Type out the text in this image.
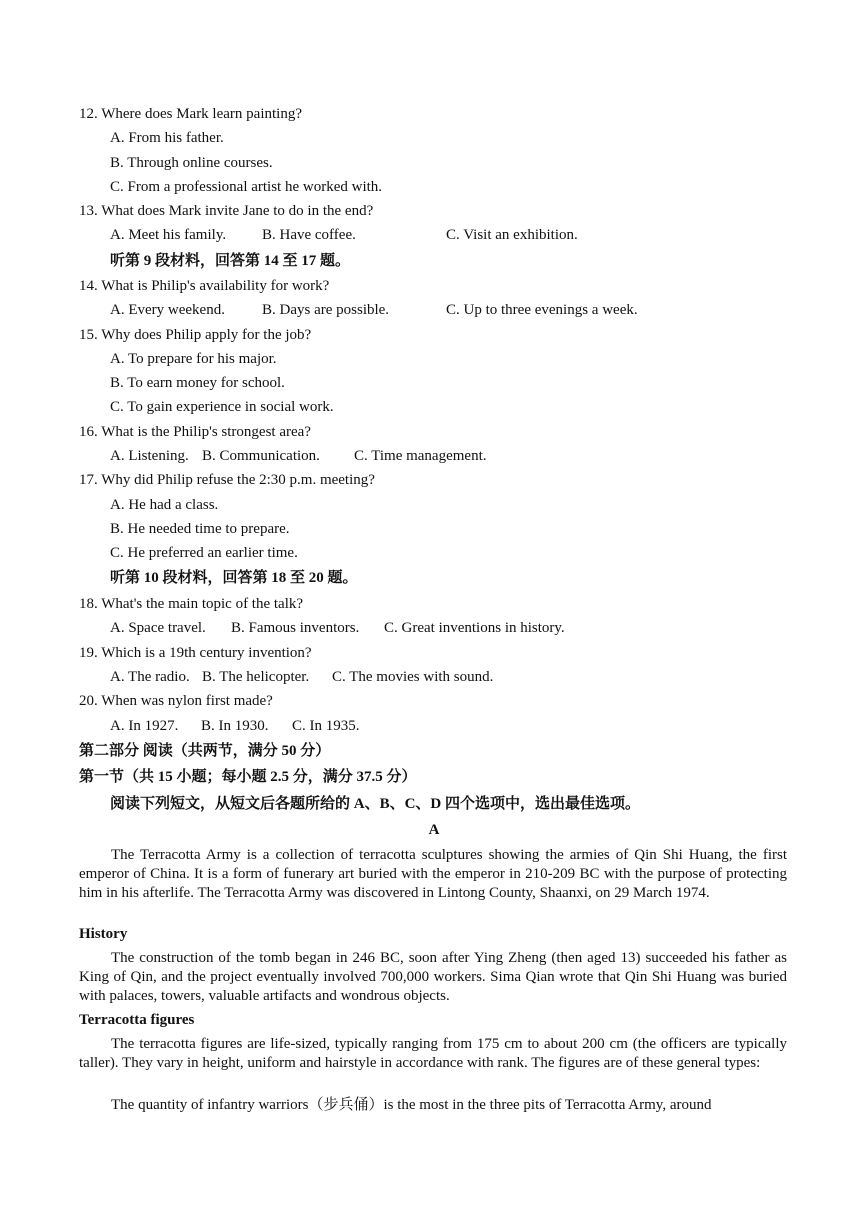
12. Where does Mark learn painting?
A. From his father.
B. Through online courses.
C. From a professional artist he worked with.
13. What does Mark invite Jane to do in the end?
A. Meet his family. B. Have coffee.	C. Visit an exhibition.
听第 9 段材料，回答第 14 至 17 题。
14. What is Philip's availability for work?
A. Every weekend. B. Days are possible.	C. Up to three evenings a week.
15. Why does Philip apply for the job?
A. To prepare for his major.
B. To earn money for school.
C. To gain experience in social work.
16. What is the Philip's strongest area?
A. Listening. B. Communication. C. Time management.
17. Why did Philip refuse the 2:30 p.m. meeting?
A. He had a class.
B. He needed time to prepare.
C. He preferred an earlier time.
听第 10 段材料，回答第 18 至 20 题。
18. What's the main topic of the talk?
A. Space travel. B. Famous inventors. C. Great inventions in history.
19. Which is a 19th century invention?
A. The radio. B. The helicopter. C. The movies with sound.
20. When was nylon first made?
A. In 1927. B. In 1930. C. In 1935.
第二部分 阅读（共两节，满分 50 分）
第一节（共 15 小题；每小题 2.5 分，满分 37.5 分）
阅读下列短文，从短文后各题所给的 A、B、C、D 四个选项中，选出最佳选项。
A
The Terracotta Army is a collection of terracotta sculptures showing the armies of Qin Shi Huang, the first emperor of China. It is a form of funerary art buried with the emperor in 210-209 BC with the purpose of protecting him in his afterlife. The Terracotta Army was discovered in Lintong County, Shaanxi, on 29 March 1974.
History
The construction of the tomb began in 246 BC, soon after Ying Zheng (then aged 13) succeeded his father as King of Qin, and the project eventually involved 700,000 workers. Sima Qian wrote that Qin Shi Huang was buried with palaces, towers, valuable artifacts and wondrous objects.
Terracotta figures
The terracotta figures are life-sized, typically ranging from 175 cm to about 200 cm (the officers are typically taller). They vary in height, uniform and hairstyle in accordance with rank. The figures are of these general types:
The quantity of infantry warriors（步兵俑）is the most in the three pits of Terracotta Army, around
